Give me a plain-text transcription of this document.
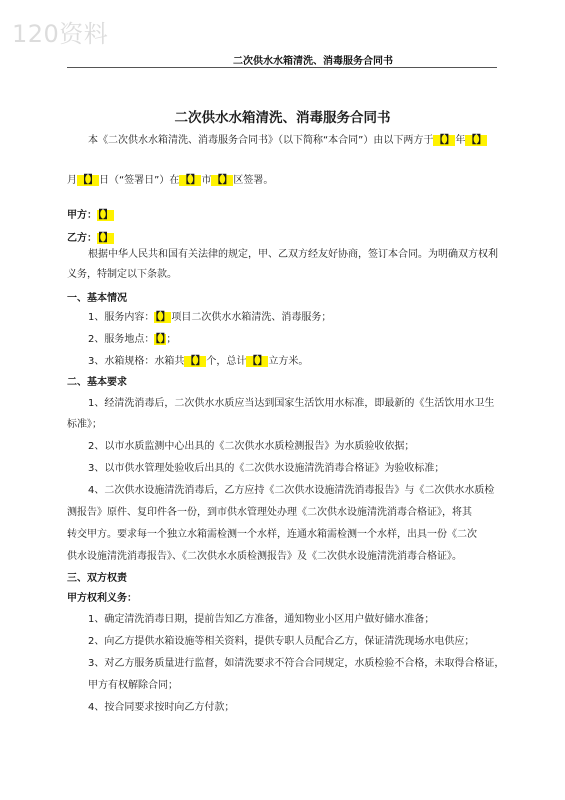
120资料
二次供水水箱清洗、消毒服务合同书
二次供水水箱清洗、消毒服务合同书
本《二次供水水箱清洗、消毒服务合同书》（以下简称“本合同”）由以下两方于【】年【】
月【】日（“签署日”）在【】市【】区签署。
甲方：【】
乙方：【】
根据中华人民共和国有关法律的规定，甲、乙双方经友好协商，签订本合同。为明确双方权利
义务，特制定以下条款。
一、基本情况
1、服务内容：【】项目二次供水水箱清洗、消毒服务；
2、服务地点：【】；
3、水箱规格：水箱共【】个，总计【】立方米。
二、基本要求
1、经清洗消毒后，二次供水水质应当达到国家生活饮用水标准，即最新的《生活饮用水卫生
标准》；
2、以市水质监测中心出具的《二次供水水质检测报告》为水质验收依据；
3、以市供水管理处验收后出具的《二次供水设施清洗消毒合格证》为验收标准；
4、二次供水设施清洗消毒后，乙方应持《二次供水设施清洗消毒报告》与《二次供水水质检
测报告》原件、复印件各一份，到市供水管理处办理《二次供水设施清洗消毒合格证》，将其
转交甲方。要求每一个独立水箱需检测一个水样，连通水箱需检测一个水样，出具一份《二次
供水设施清洗消毒报告》、《二次供水水质检测报告》及《二次供水设施清洗消毒合格证》。
三、双方权责
甲方权利义务：
1、确定清洗消毒日期，提前告知乙方准备，通知物业小区用户做好储水准备；
2、向乙方提供水箱设施等相关资料，提供专职人员配合乙方，保证清洗现场水电供应；
3、对乙方服务质量进行监督，如清洗要求不符合合同规定，水质检验不合格，未取得合格证，
甲方有权解除合同；
4、按合同要求按时向乙方付款；
